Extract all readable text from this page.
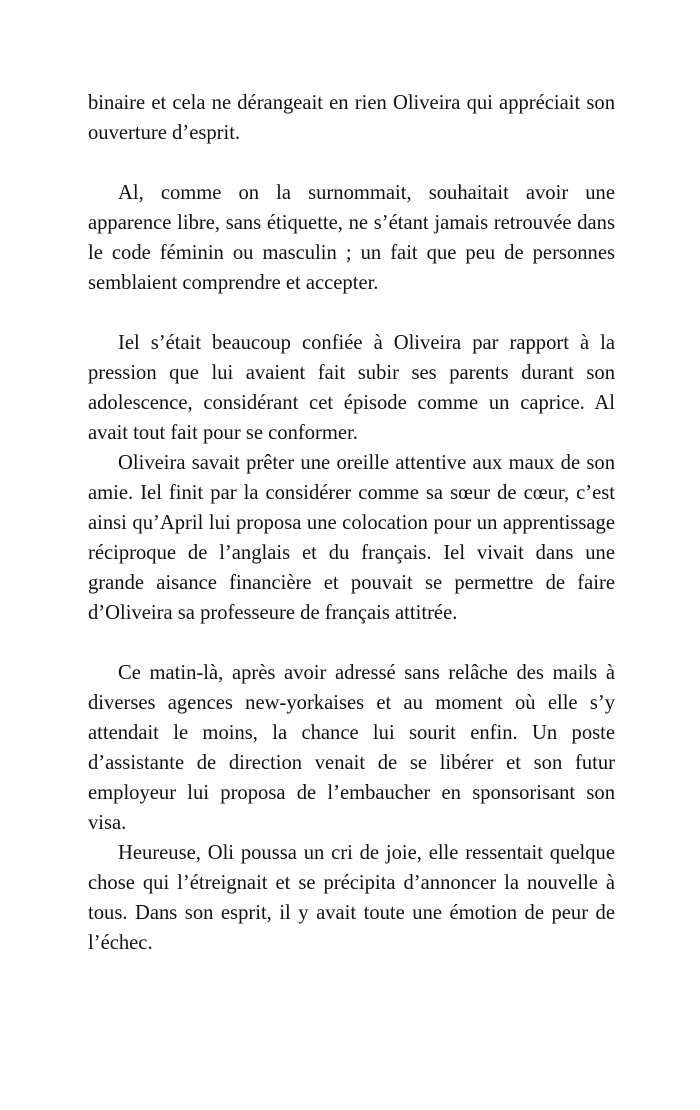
binaire et cela ne dérangeait en rien Oliveira qui appréciait son ouverture d’esprit.

Al, comme on la surnommait, souhaitait avoir une apparence libre, sans étiquette, ne s’étant jamais retrouvée dans le code féminin ou masculin ; un fait que peu de personnes semblaient comprendre et accepter.

Iel s’était beaucoup confiée à Oliveira par rapport à la pression que lui avaient fait subir ses parents durant son adolescence, considérant cet épisode comme un caprice. Al avait tout fait pour se conformer.

Oliveira savait prêter une oreille attentive aux maux de son amie. Iel finit par la considérer comme sa sœur de cœur, c’est ainsi qu’April lui proposa une colocation pour un apprentissage réciproque de l’anglais et du français. Iel vivait dans une grande aisance financière et pouvait se permettre de faire d’Oliveira sa professeure de français attitrée.

Ce matin-là, après avoir adressé sans relâche des mails à diverses agences new-yorkaises et au moment où elle s’y attendait le moins, la chance lui sourit enfin. Un poste d’assistante de direction venait de se libérer et son futur employeur lui proposa de l’embaucher en sponsorisant son visa.

Heureuse, Oli poussa un cri de joie, elle ressentait quelque chose qui l’étreignait et se précipita d’annoncer la nouvelle à tous. Dans son esprit, il y avait toute une émotion de peur de l’échec.
